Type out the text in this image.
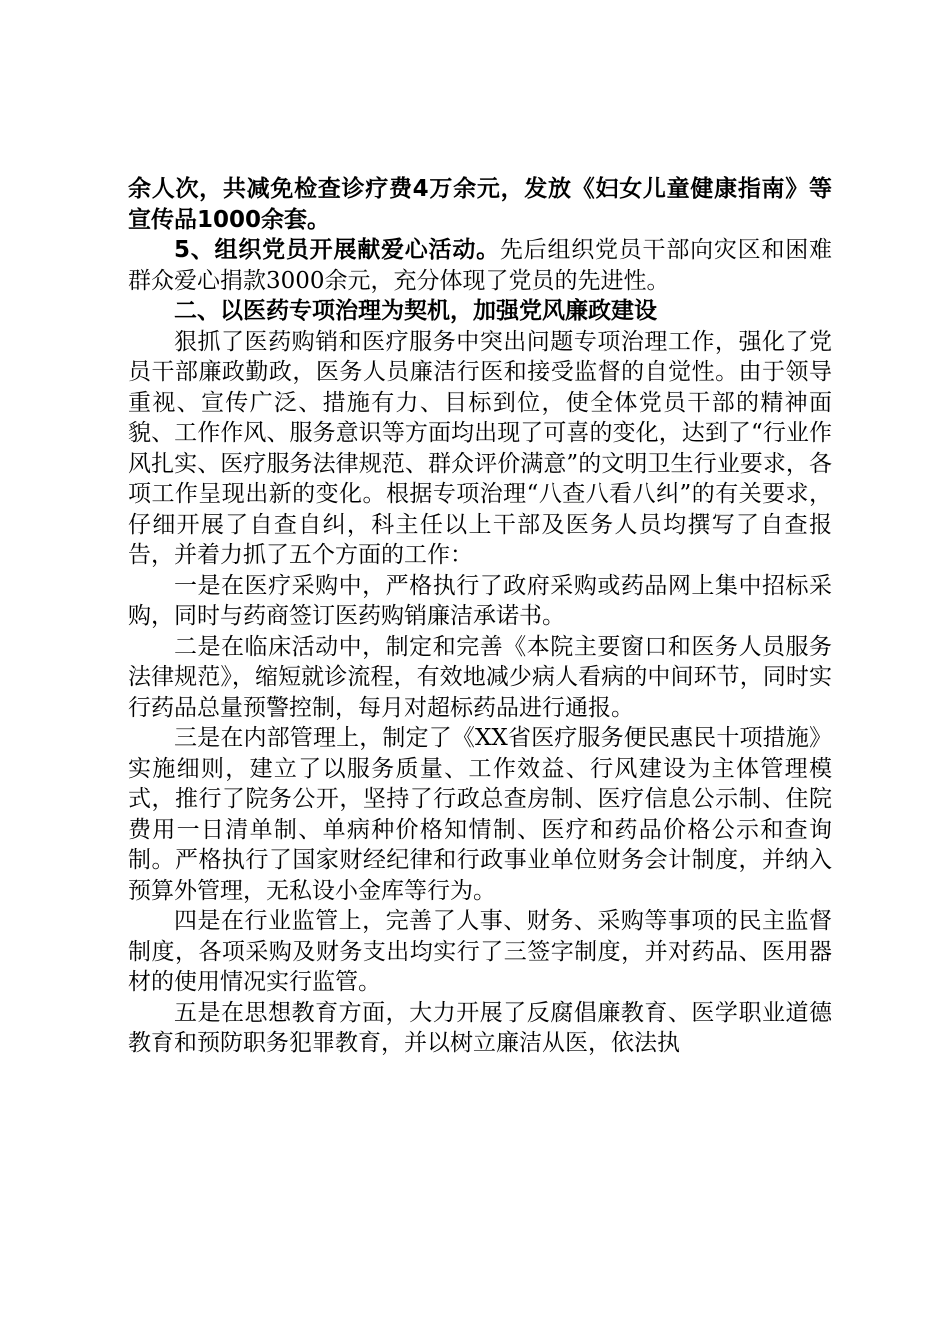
余人次，共减免检查诊疗费4万余元，发放《妇女儿童健康指南》等宣传品1000余套。

5、组织党员开展献爱心活动。先后组织党员干部向灾区和困难群众爱心捐款3000余元，充分体现了党员的先进性。

二、以医药专项治理为契机，加强党风廉政建设

狠抓了医药购销和医疗服务中突出问题专项治理工作，强化了党员干部廉政勤政，医务人员廉洁行医和接受监督的自觉性。由于领导重视、宣传广泛、措施有力、目标到位，使全体党员干部的精神面貌、工作作风、服务意识等方面均出现了可喜的变化，达到了“行业作风扎实、医疗服务法律规范、群众评价满意”的文明卫生行业要求，各项工作呈现出新的变化。根据专项治理“八查八看八纠”的有关要求，仔细开展了自查自纠，科主任以上干部及医务人员均撰写了自查报告，并着力抓了五个方面的工作：

一是在医疗采购中，严格执行了政府采购或药品网上集中招标采购，同时与药商签订医药购销廉洁承诺书。

二是在临床活动中，制定和完善《本院主要窗口和医务人员服务法律规范》，缩短就诊流程，有效地减少病人看病的中间环节，同时实行药品总量预警控制，每月对超标药品进行通报。

三是在内部管理上，制定了《XX省医疗服务便民惠民十项措施》实施细则，建立了以服务质量、工作效益、行风建设为主体管理模式，推行了院务公开，坚持了行政总查房制、医疗信息公示制、住院费用一日清单制、单病种价格知情制、医疗和药品价格公示和查询制。严格执行了国家财经纪律和行政事业单位财务会计制度，并纳入预算外管理，无私设小金库等行为。

四是在行业监管上，完善了人事、财务、采购等事项的民主监督制度，各项采购及财务支出均实行了三签字制度，并对药品、医用器材的使用情况实行监管。

五是在思想教育方面，大力开展了反腐倡廉教育、医学职业道德教育和预防职务犯罪教育，并以树立廉洁从医，依法执
